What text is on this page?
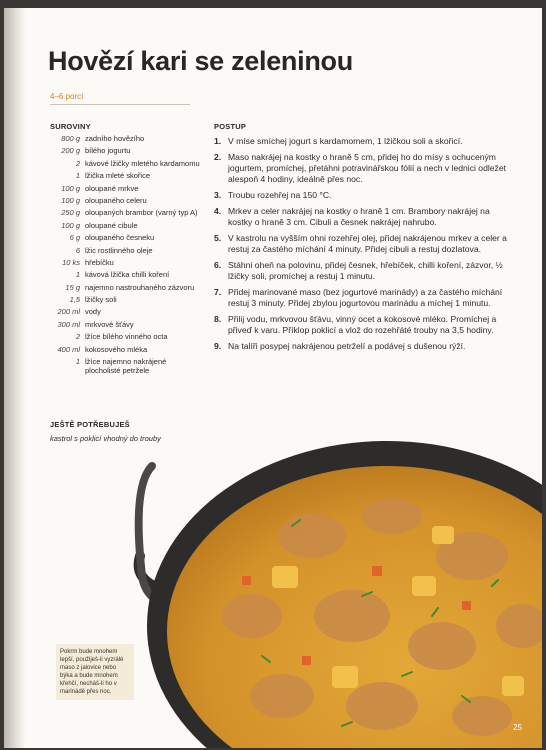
Hovězí kari se zeleninou
4–6 porcí
SUROVINY
800 g zadního hovězího
200 g bílého jogurtu
2 kávové lžičky mletého kardamomu
1 lžička mleté skořice
100 g oloupané mrkve
100 g oloupaného celeru
250 g oloupaných brambor (varný typ A)
100 g oloupané cibule
6 g oloupaného česneku
6 lžic rostlinného oleje
10 ks hřebíčku
1 kávová lžička chilli koření
15 g najemno nastrouhaného zázvoru
1,5 lžičky soli
200 ml vody
300 ml mrkvové šťávy
2 lžíce bílého vinného octa
400 ml kokosového mléka
1 lžíce najemno nakrájené plocholisté petržele
JEŠTĚ POTŘEBUJEŠ
kastrol s poklicí vhodný do trouby
POSTUP
1. V míse smíchej jogurt s kardamomem, 1 lžičkou soli a skořicí.
2. Maso nakrájej na kostky o hraně 5 cm, přidej ho do mísy s ochuceným jogurtem, promíchej, přetáhni potravinářskou fólií a nech v lednici odležet alespoň 4 hodiny, ideálně přes noc.
3. Troubu rozehřej na 150 °C.
4. Mrkev a celer nakrájej na kostky o hraně 1 cm. Brambory nakrájej na kostky o hraně 3 cm. Cibuli a česnek nakrájej nahrubo.
5. V kastrolu na vyšším ohni rozehřej olej, přidej nakrájenou mrkev a celer a restuj za častého míchání 4 minuty. Přidej cibuli a restuj dozlatova.
6. Stáhni oheň na polovinu, přidej česnek, hřebíček, chilli koření, zázvor, ½ lžičky soli, promíchej a restuj 1 minutu.
7. Přidej marinované maso (bez jogurtové marinády) a za častého míchání restuj 3 minuty. Přidej zbylou jogurtovou marinádu a míchej 1 minutu.
8. Přilij vodu, mrkvovou šťávu, vinný ocet a kokosové mléko. Promíchej a přiveď k varu. Příklop poklicí a vlož do rozehřáté trouby na 3,5 hodiny.
9. Na talíři posypej nakrájenou petrželí a podávej s dušenou rýží.
Pokrm bude mnohem lepší, použiješ-li vyzrálé maso z jalovice nebo býka a bude mnohem křehčí, necháš-li ho v marinádě přes noc.
25
